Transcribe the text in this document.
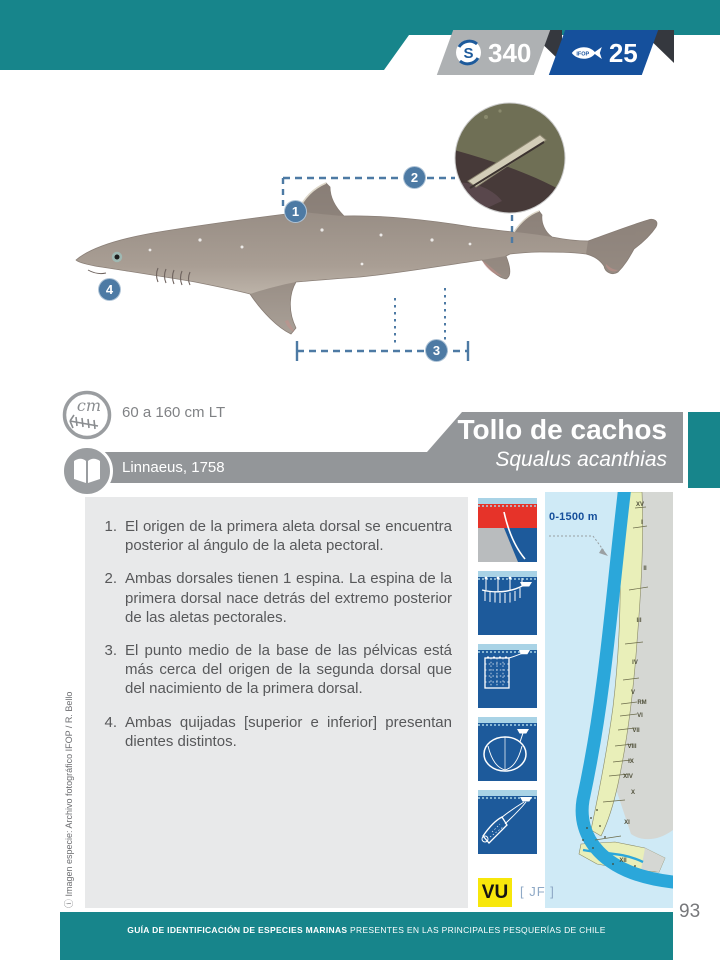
S 340	IFOP 25
1
2
3
4
cm 60 a 160 cm LT
Linnaeus, 1758
Tollo de cachos
Squalus acanthias
1. El origen de la primera aleta dorsal se encuentra posterior al ángulo de la aleta pectoral.
2. Ambas dorsales tienen 1 espina. La espina de la primera dorsal nace detrás del extremo posterior de las aletas pectorales.
3. El punto medio de la base de las pélvicas está más cerca del origen de la segunda dorsal que del nacimiento de la primera dorsal.
4. Ambas quijadas [superior e inferior] presentan dientes distintos.
XV
I
II
III
IV
V
RM
VI
VII
VIII
IX
XIV
X
XI
XII
0-1500 m
VU [ JF ]
ⓘ Imagen especie: Archivo fotográfico IFOP / R. Bello
GUÍA DE IDENTIFICACIÓN DE ESPECIES MARINAS PRESENTES EN LAS PRINCIPALES PESQUERÍAS DE CHILE
93
